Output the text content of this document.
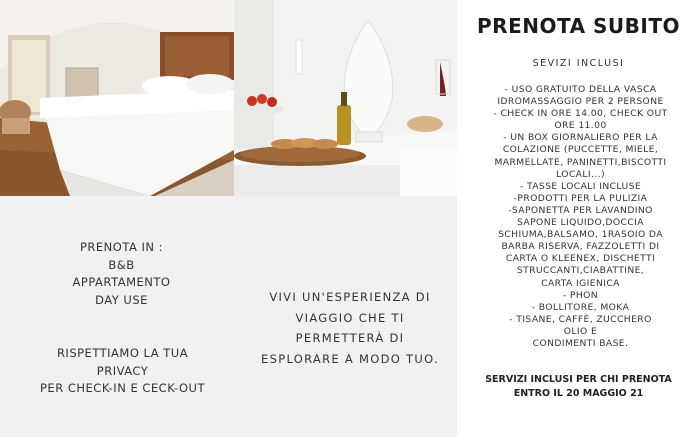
PRENOTA IN :
B&B
APPARTAMENTO
DAY USE
RISPETTIAMO LA TUA
PRIVACY
PER CHECK-IN E CECK-OUT
VIVI UN'ESPERIENZA DI
VIAGGIO CHE TI
PERMETTERÀ DI
ESPLORARE A MODO TUO.
PRENOTA SUBITO
SEVIZI INCLUSI
- USO GRATUITO DELLA VASCA
IDROMASSAGGIO PER 2 PERSONE
- CHECK IN ORE 14.00, CHECK OUT
ORE 11.00
- UN BOX GIORNALIERO PER LA
COLAZIONE (PUCCETTE, MIELE,
MARMELLATE, PANINETTI,BISCOTTI
LOCALI...)
- TASSE LOCALI INCLUSE
-PRODOTTI PER LA PULIZIA
-SAPONETTA PER LAVANDINO
SAPONE LIQUIDO,DOCCIA
SCHIUMA,BALSAMO, 1RASOIO DA
BARBA RISERVA, FAZZOLETTI DI
CARTA O KLEENEX, DISCHETTI
STRUCCANTI,CIABATTINE,
CARTA IGIENICA
- PHON
- BOLLITORE, MOKA
- TISANE, CAFFÈ, ZUCCHERO
OLIO E
CONDIMENTI BASE.
SERVIZI INCLUSI PER CHI PRENOTA
ENTRO IL 20 MAGGIO 21
